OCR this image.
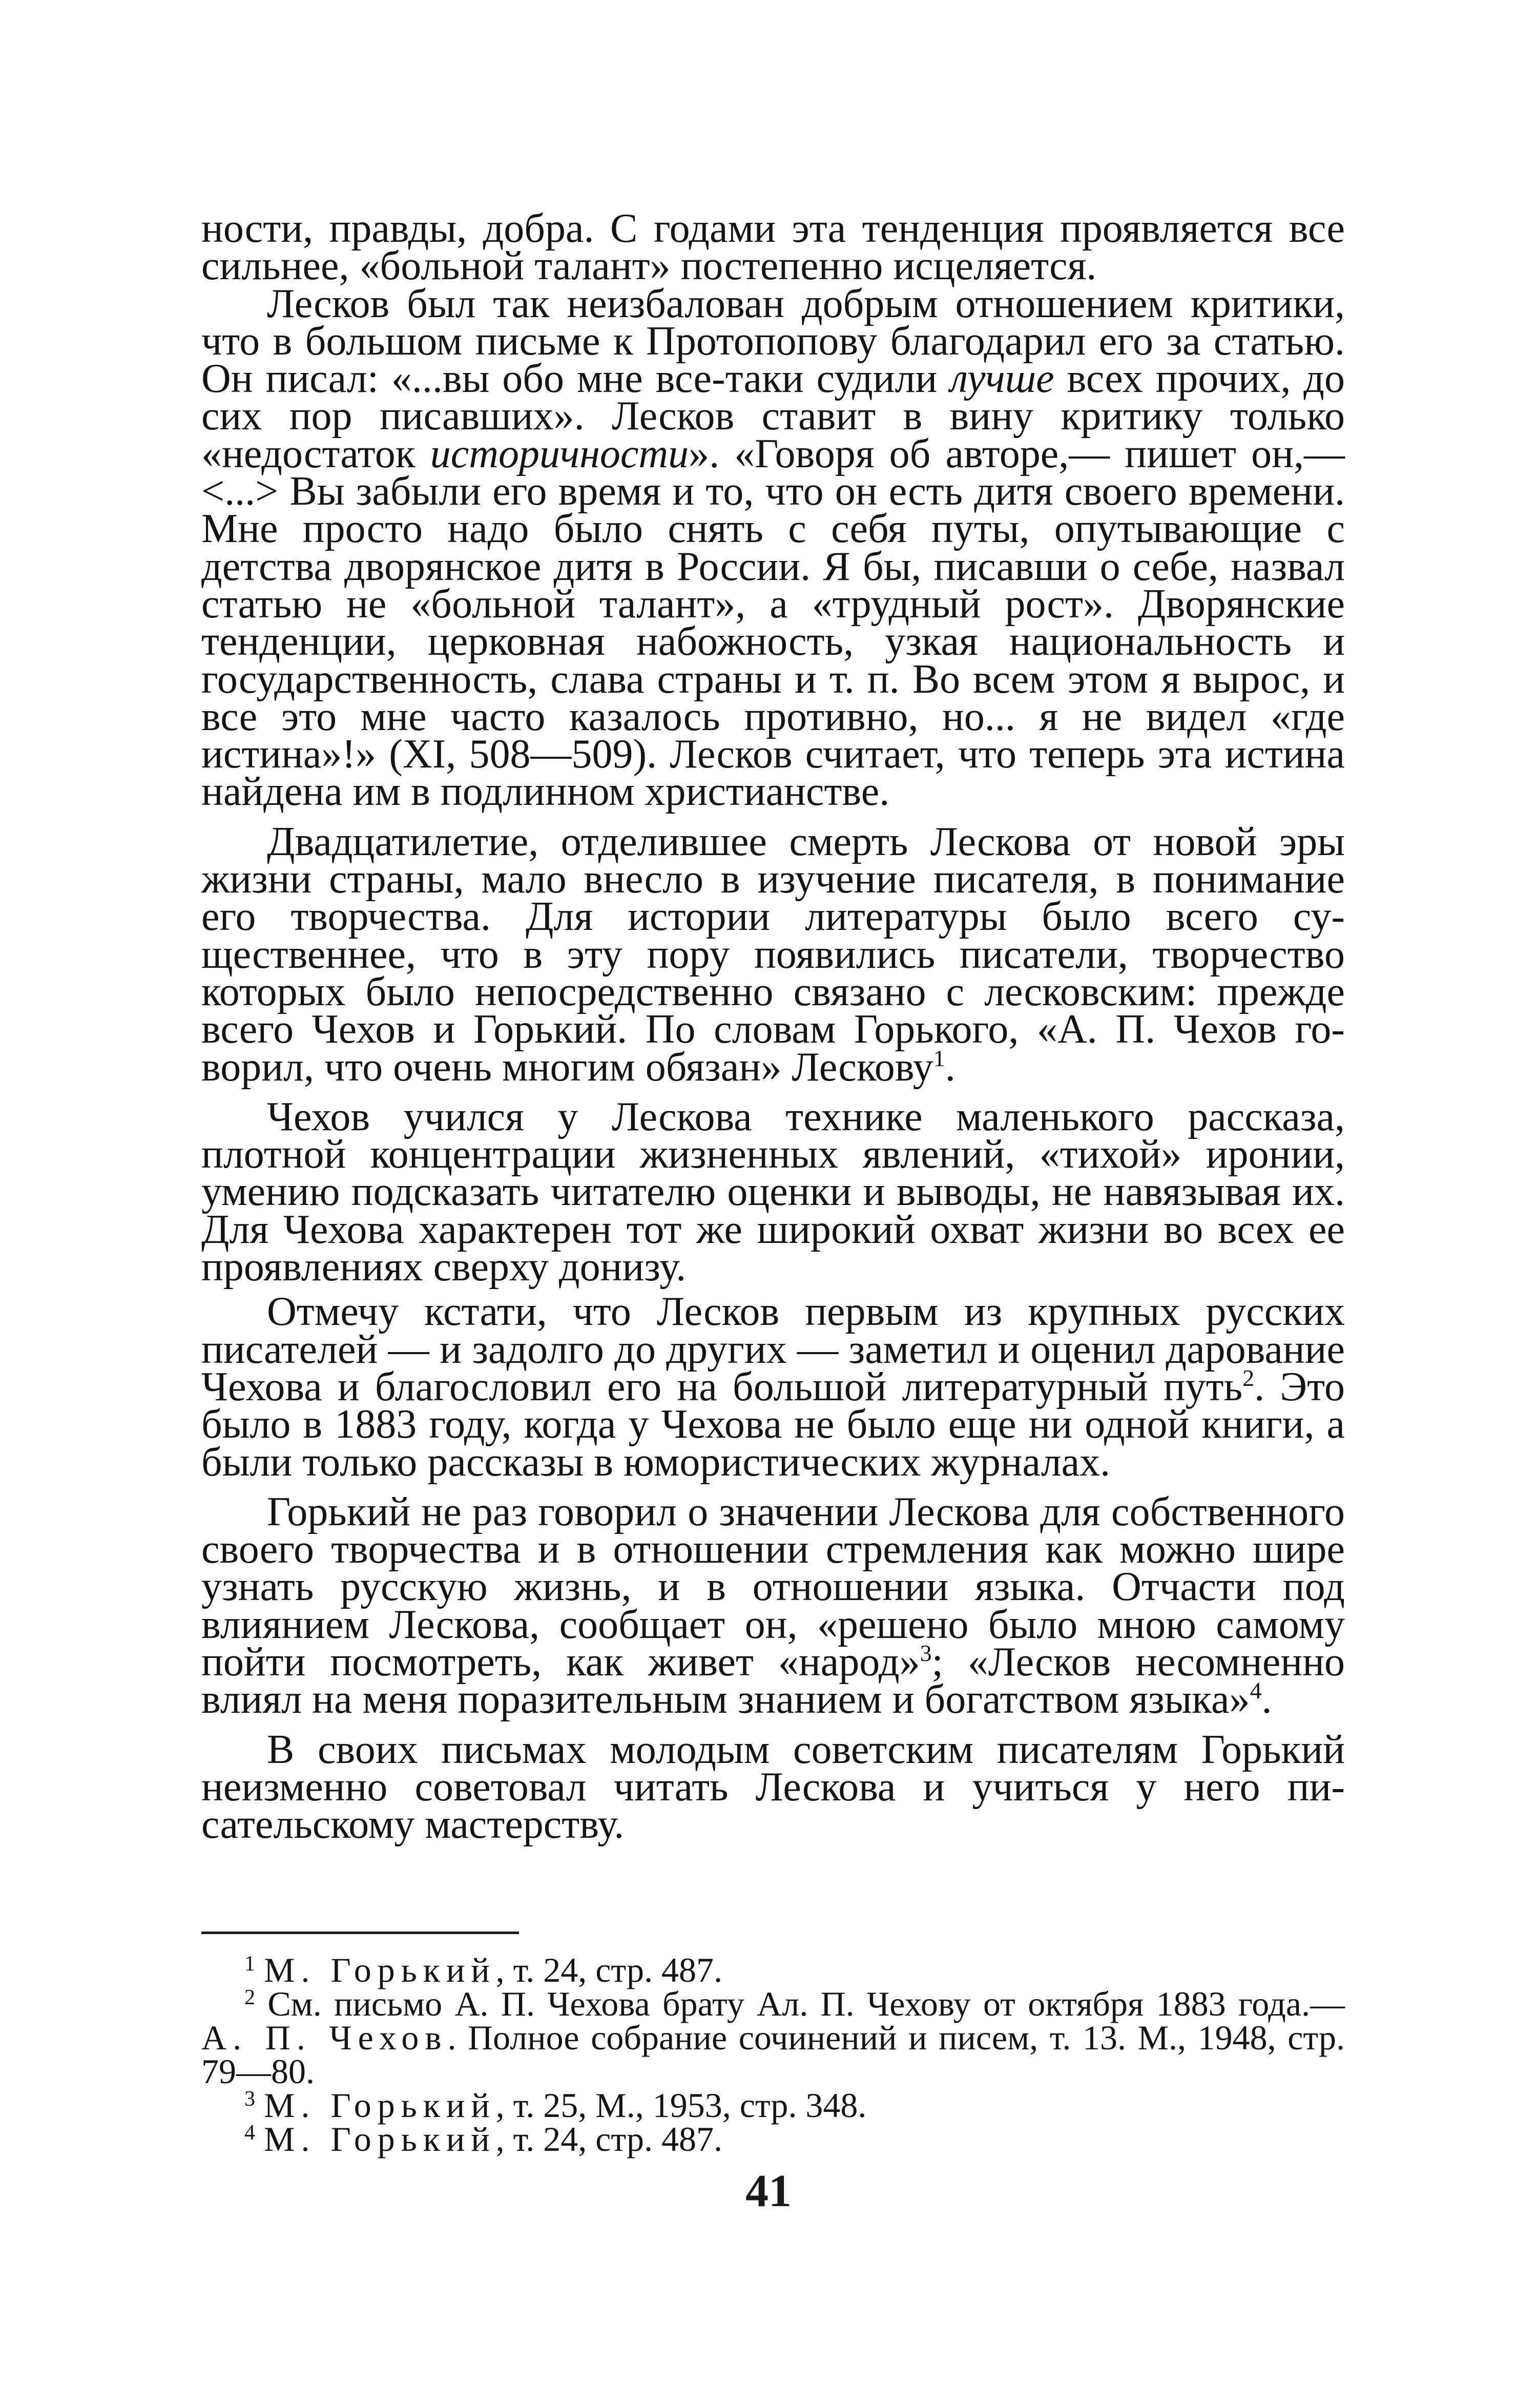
ности, правды, добра. С годами эта тенденция проявляется все сильнее, «больной талант» постепенно исцеляется.

Лесков был так неизбалован добрым отношением критики, что в большом письме к Протопопову благодарил его за статью. Он писал: «...вы обо мне все-таки судили лучше всех прочих, до сих пор писавших». Лесков ставит в вину критику только «недостаток историчности». «Говоря об авторе,— пишет он,— <...> Вы забыли его время и то, что он есть дитя своего времени. Мне просто надо было снять с себя путы, опутывающие с детства дворянское дитя в России. Я бы, писавши о себе, назвал статью не «больной талант», а «трудный рост». Дворянские тенденции, церковная набожность, узкая национальность и государственность, слава страны и т. п. Во всем этом я вырос, и все это мне часто казалось противно, но... я не видел «где истина»!» (XI, 508—509). Лесков считает, что теперь эта истина найдена им в подлинном христианстве.

Двадцатилетие, отделившее смерть Лескова от новой эры жизни страны, мало внесло в изучение писателя, в понимание его творчества. Для истории литературы было всего существеннее, что в эту пору появились писатели, творчество которых было непосредственно связано с лесковским: прежде всего Чехов и Горький. По словам Горького, «А. П. Чехов говорил, что очень многим обязан» Лескову$^1$.

Чехов учился у Лескова технике маленького рассказа, плотной концентрации жизненных явлений, «тихой» иронии, умению подсказать читателю оценки и выводы, не навязывая их. Для Чехова характерен тот же широкий охват жизни во всех ее проявлениях сверху донизу.

Отмечу кстати, что Лесков первым из крупных русских писателей — и задолго до других — заметил и оценил дарование Чехова и благословил его на большой литературный путь$^2$. Это было в 1883 году, когда у Чехова не было еще ни одной книги, а были только рассказы в юмористических журналах.

Горький не раз говорил о значении Лескова для собственного своего творчества и в отношении стремления как можно шире узнать русскую жизнь, и в отношении языка. Отчасти под влиянием Лескова, сообщает он, «решено было мною самому пойти посмотреть, как живет «народ»$^3$; «Лесков несомненно влиял на меня поразительным знанием и богатством языка»$^4$.

В своих письмах молодым советским писателям Горький неизменно советовал читать Лескова и учиться у него писательскому мастерству.

$^1$ М. Горький, т. 24, стр. 487.

$^2$ См. письмо А. П. Чехова брату Ал. П. Чехову от октября 1883 года.— А. П. Чехов. Полное собрание сочинений и писем, т. 13. М., 1948, стр. 79—80.

$^3$ М. Горький, т. 25, М., 1953, стр. 348.

$^4$ М. Горький, т. 24, стр. 487.

41
